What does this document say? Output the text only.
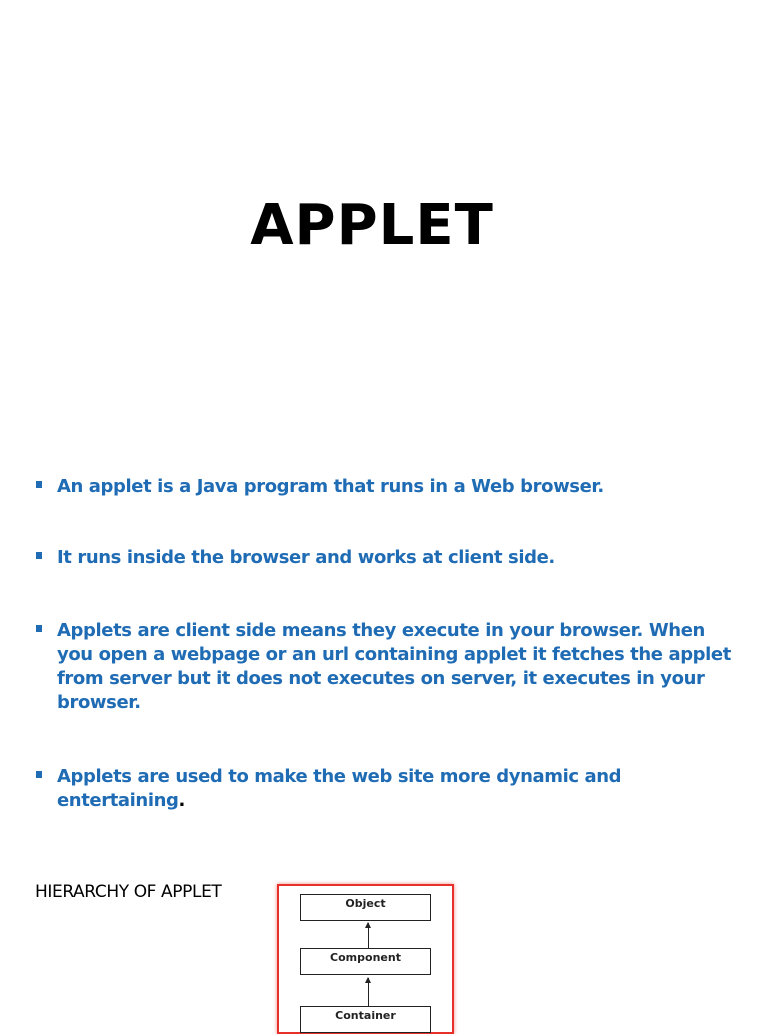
APPLET
An applet is a Java program that runs in a Web browser.
It runs inside the browser and works at client side.
Applets are client side means they execute in your browser. When you open a webpage or an url containing applet it fetches the applet from server but it does not executes on server, it executes in your browser.
Applets are used to make the web site more dynamic and entertaining.
HIERARCHY OF APPLET
Object
Component
Container
